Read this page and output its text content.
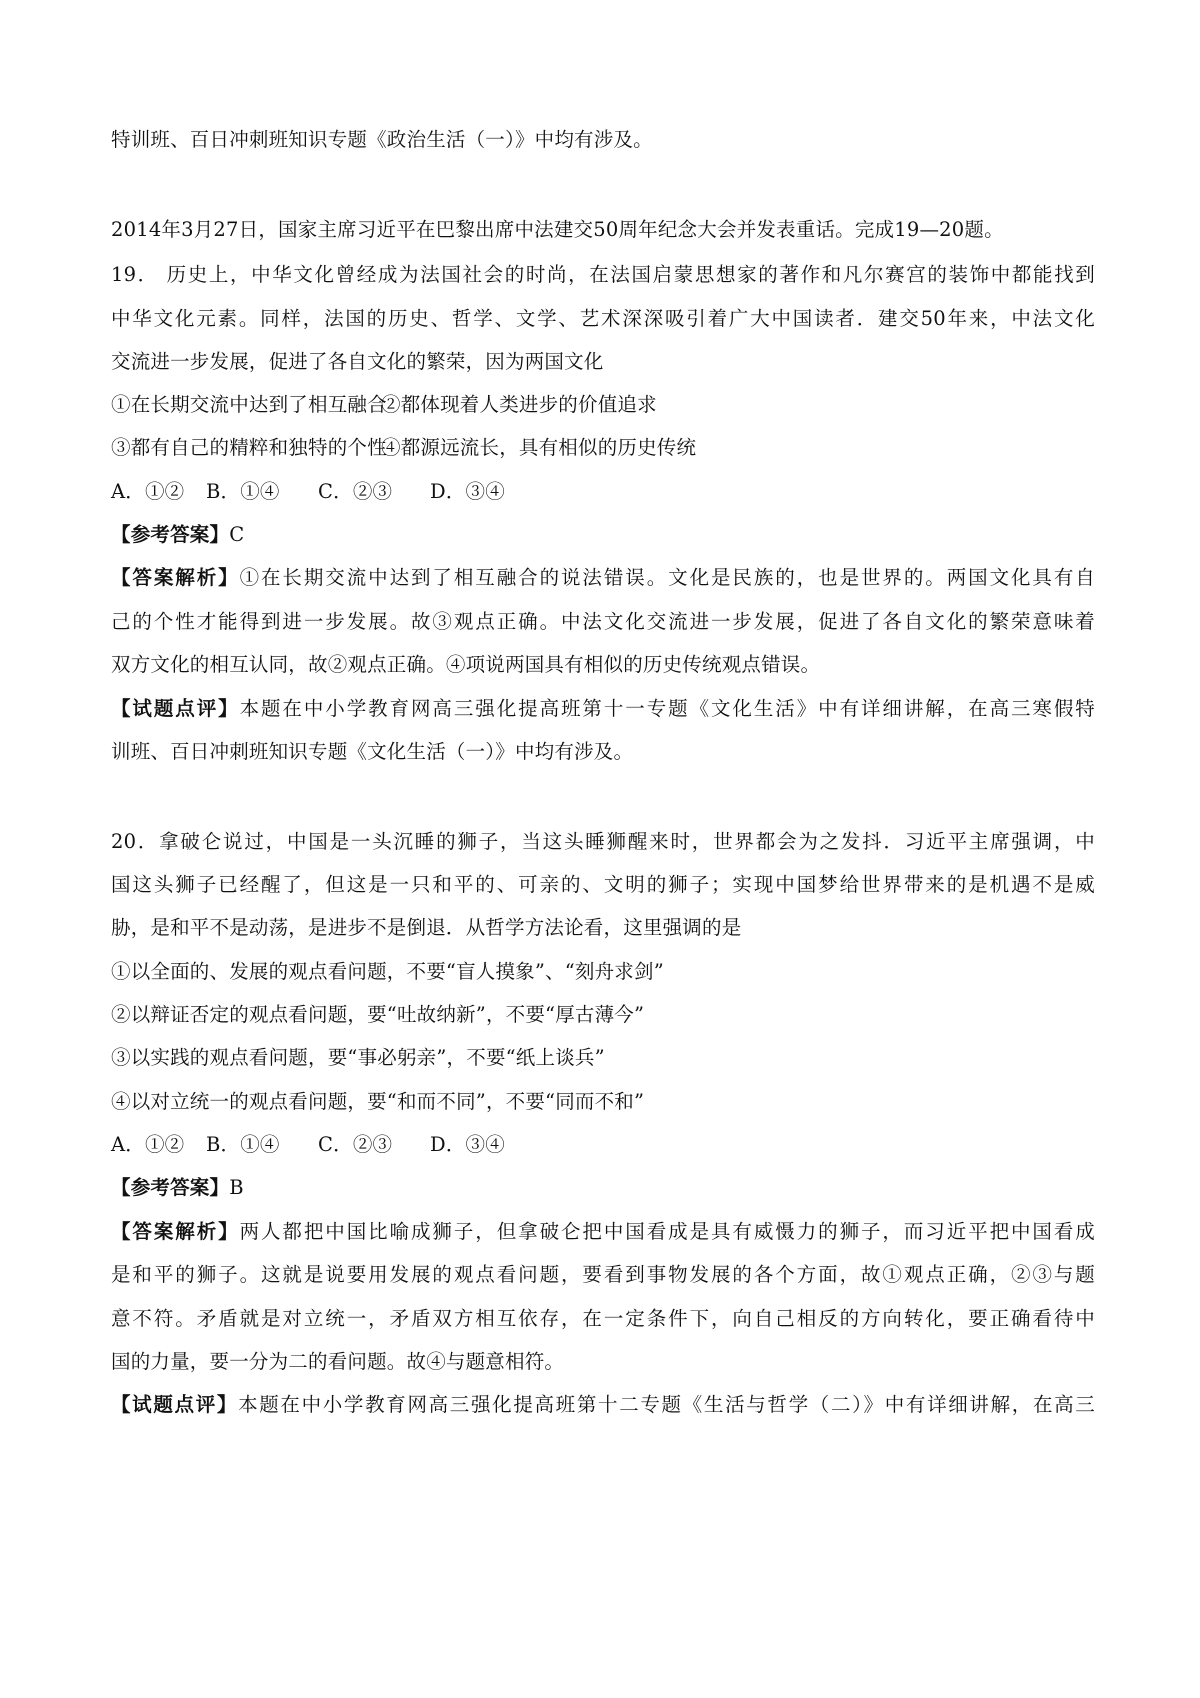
特训班、百日冲刺班知识专题《政治生活（一）》中均有涉及。
2014年3月27日，国家主席习近平在巴黎出席中法建交50周年纪念大会并发表重话。完成19—20题。
19． 历史上，中华文化曾经成为法国社会的时尚，在法国启蒙思想家的著作和凡尔赛宫的装饰中都能找到
中华文化元素。同样，法国的历史、哲学、文学、艺术深深吸引着广大中国读者．建交50年来，中法文化
交流进一步发展，促进了各自文化的繁荣，因为两国文化
①在长期交流中达到了相互融合②都体现着人类进步的价值追求
③都有自己的精粹和独特的个性④都源远流长，具有相似的历史传统
A．①② B．①④ C．②③ D．③④
【参考答案】C
【答案解析】①在长期交流中达到了相互融合的说法错误。文化是民族的，也是世界的。两国文化具有自
己的个性才能得到进一步发展。故③观点正确。中法文化交流进一步发展，促进了各自文化的繁荣意味着
双方文化的相互认同，故②观点正确。④项说两国具有相似的历史传统观点错误。
【试题点评】本题在中小学教育网高三强化提高班第十一专题《文化生活》中有详细讲解，在高三寒假特
训班、百日冲刺班知识专题《文化生活（一）》中均有涉及。
20．拿破仑说过，中国是一头沉睡的狮子，当这头睡狮醒来时，世界都会为之发抖．习近平主席强调，中
国这头狮子已经醒了，但这是一只和平的、可亲的、文明的狮子；实现中国梦给世界带来的是机遇不是威
胁，是和平不是动荡，是进步不是倒退．从哲学方法论看，这里强调的是
①以全面的、发展的观点看问题，不要“盲人摸象”、“刻舟求剑”
②以辩证否定的观点看问题，要“吐故纳新”，不要“厚古薄今”
③以实践的观点看问题，要“事必躬亲”，不要“纸上谈兵”
④以对立统一的观点看问题，要“和而不同”，不要“同而不和”
A．①② B．①④ C．②③ D．③④
【参考答案】B
【答案解析】两人都把中国比喻成狮子，但拿破仑把中国看成是具有威慑力的狮子，而习近平把中国看成
是和平的狮子。这就是说要用发展的观点看问题，要看到事物发展的各个方面，故①观点正确，②③与题
意不符。矛盾就是对立统一，矛盾双方相互依存，在一定条件下，向自己相反的方向转化，要正确看待中
国的力量，要一分为二的看问题。故④与题意相符。
【试题点评】本题在中小学教育网高三强化提高班第十二专题《生活与哲学（二）》中有详细讲解，在高三
